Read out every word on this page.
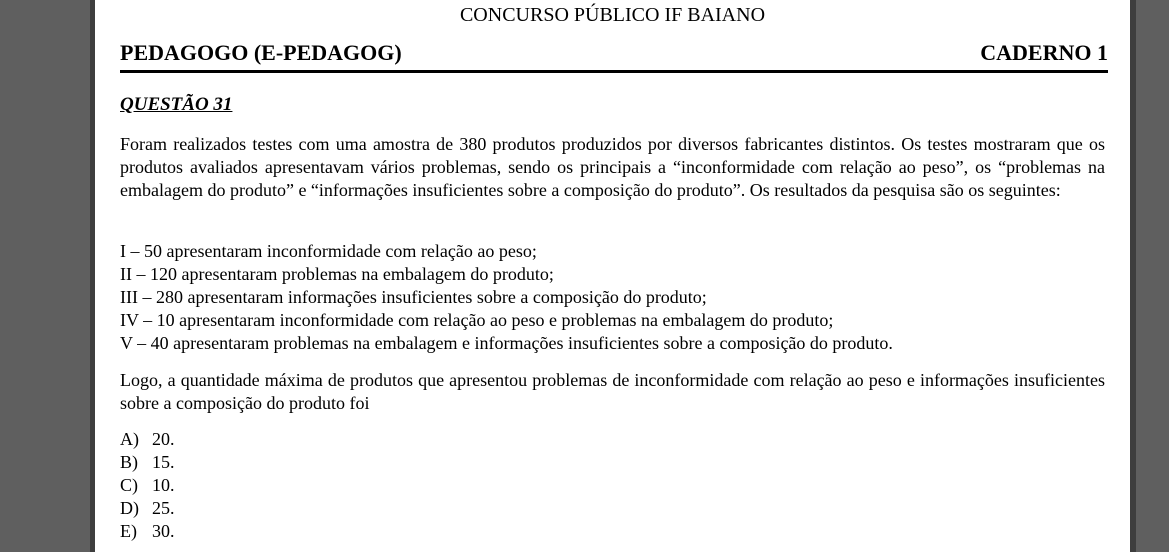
CONCURSO PÚBLICO IF BAIANO
PEDAGOGO (E-PEDAGOG)	CADERNO 1
QUESTÃO 31
Foram realizados testes com uma amostra de 380 produtos produzidos por diversos fabricantes distintos. Os testes mostraram que os produtos avaliados apresentavam vários problemas, sendo os principais a “inconformidade com relação ao peso”, os “problemas na embalagem do produto” e “informações insuficientes sobre a composição do produto”. Os resultados da pesquisa são os seguintes:
I – 50 apresentaram inconformidade com relação ao peso;
II – 120 apresentaram problemas na embalagem do produto;
III – 280 apresentaram informações insuficientes sobre a composição do produto;
IV – 10 apresentaram inconformidade com relação ao peso e problemas na embalagem do produto;
V – 40 apresentaram problemas na embalagem e informações insuficientes sobre a composição do produto.
Logo, a quantidade máxima de produtos que apresentou problemas de inconformidade com relação ao peso e informações insuficientes sobre a composição do produto foi
A) 20.
B) 15.
C) 10.
D) 25.
E) 30.
